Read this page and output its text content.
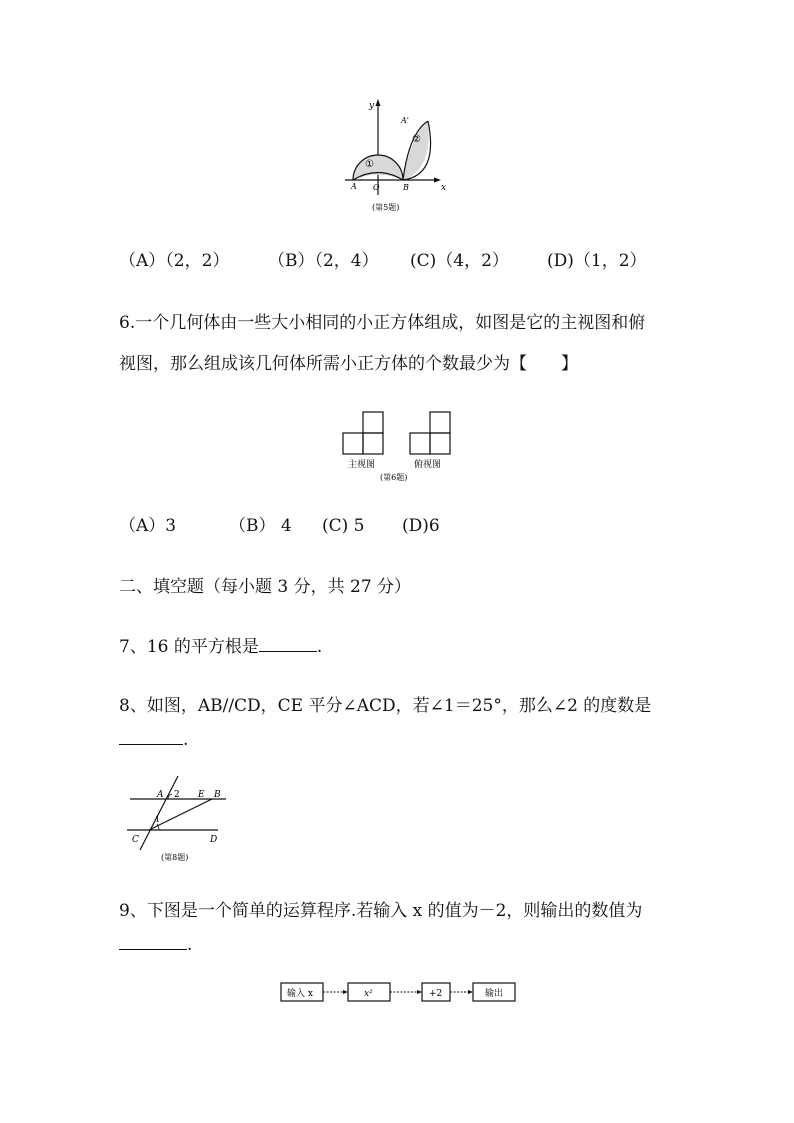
y
x
A O	B
A'
①
②
(第5题)
（A）（2，2） （B）（2，4） (C)（4，2） (D)（1，2）
6.一个几何体由一些大小相同的小正方体组成，如图是它的主视图和俯
视图，那么组成该几何体所需小正方体的个数最少为【　　】
主视图	俯视图
(第6题)
（A）3	（B） 4 (C) 5 (D)6
二、填空题（每小题 3 分，共 27 分）
7、16 的平方根是	.
8、如图，AB//CD，CE 平分∠ACD，若∠1＝25°，那么∠2 的度数是
.
A 2 E B
1
C	D
(第8题)
9、下图是一个简单的运算程序.若输入 x 的值为－2，则输出的数值为
.
输入 x	x²	+2	输出
